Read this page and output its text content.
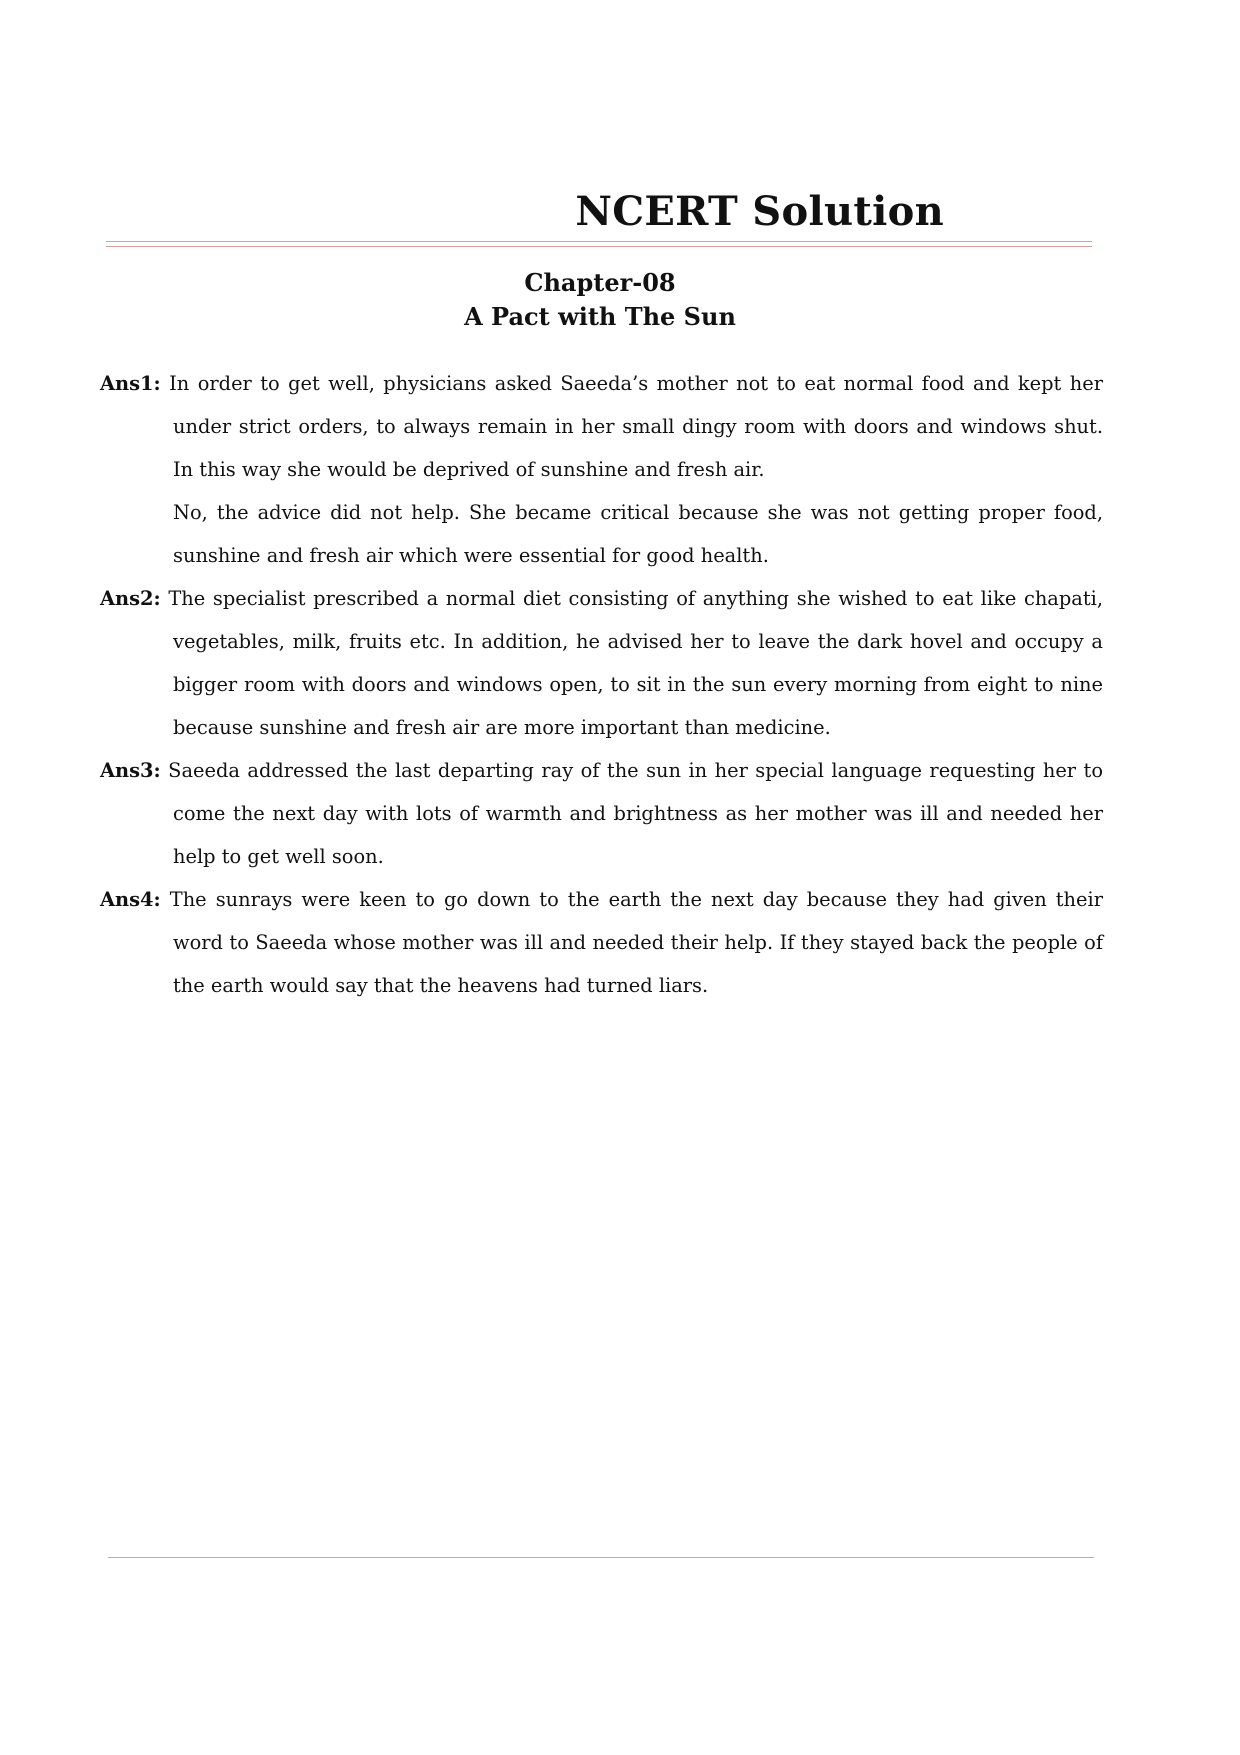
NCERT Solution
Chapter-08
A Pact with The Sun

Ans1: In order to get well, physicians asked Saeeda’s mother not to eat normal food and kept her under strict orders, to always remain in her small dingy room with doors and windows shut. In this way she would be deprived of sunshine and fresh air.

No, the advice did not help. She became critical because she was not getting proper food, sunshine and fresh air which were essential for good health.

Ans2: The specialist prescribed a normal diet consisting of anything she wished to eat like chapati, vegetables, milk, fruits etc. In addition, he advised her to leave the dark hovel and occupy a bigger room with doors and windows open, to sit in the sun every morning from eight to nine because sunshine and fresh air are more important than medicine.

Ans3: Saeeda addressed the last departing ray of the sun in her special language requesting her to come the next day with lots of warmth and brightness as her mother was ill and needed her help to get well soon.

Ans4: The sunrays were keen to go down to the earth the next day because they had given their word to Saeeda whose mother was ill and needed their help. If they stayed back the people of the earth would say that the heavens had turned liars.
